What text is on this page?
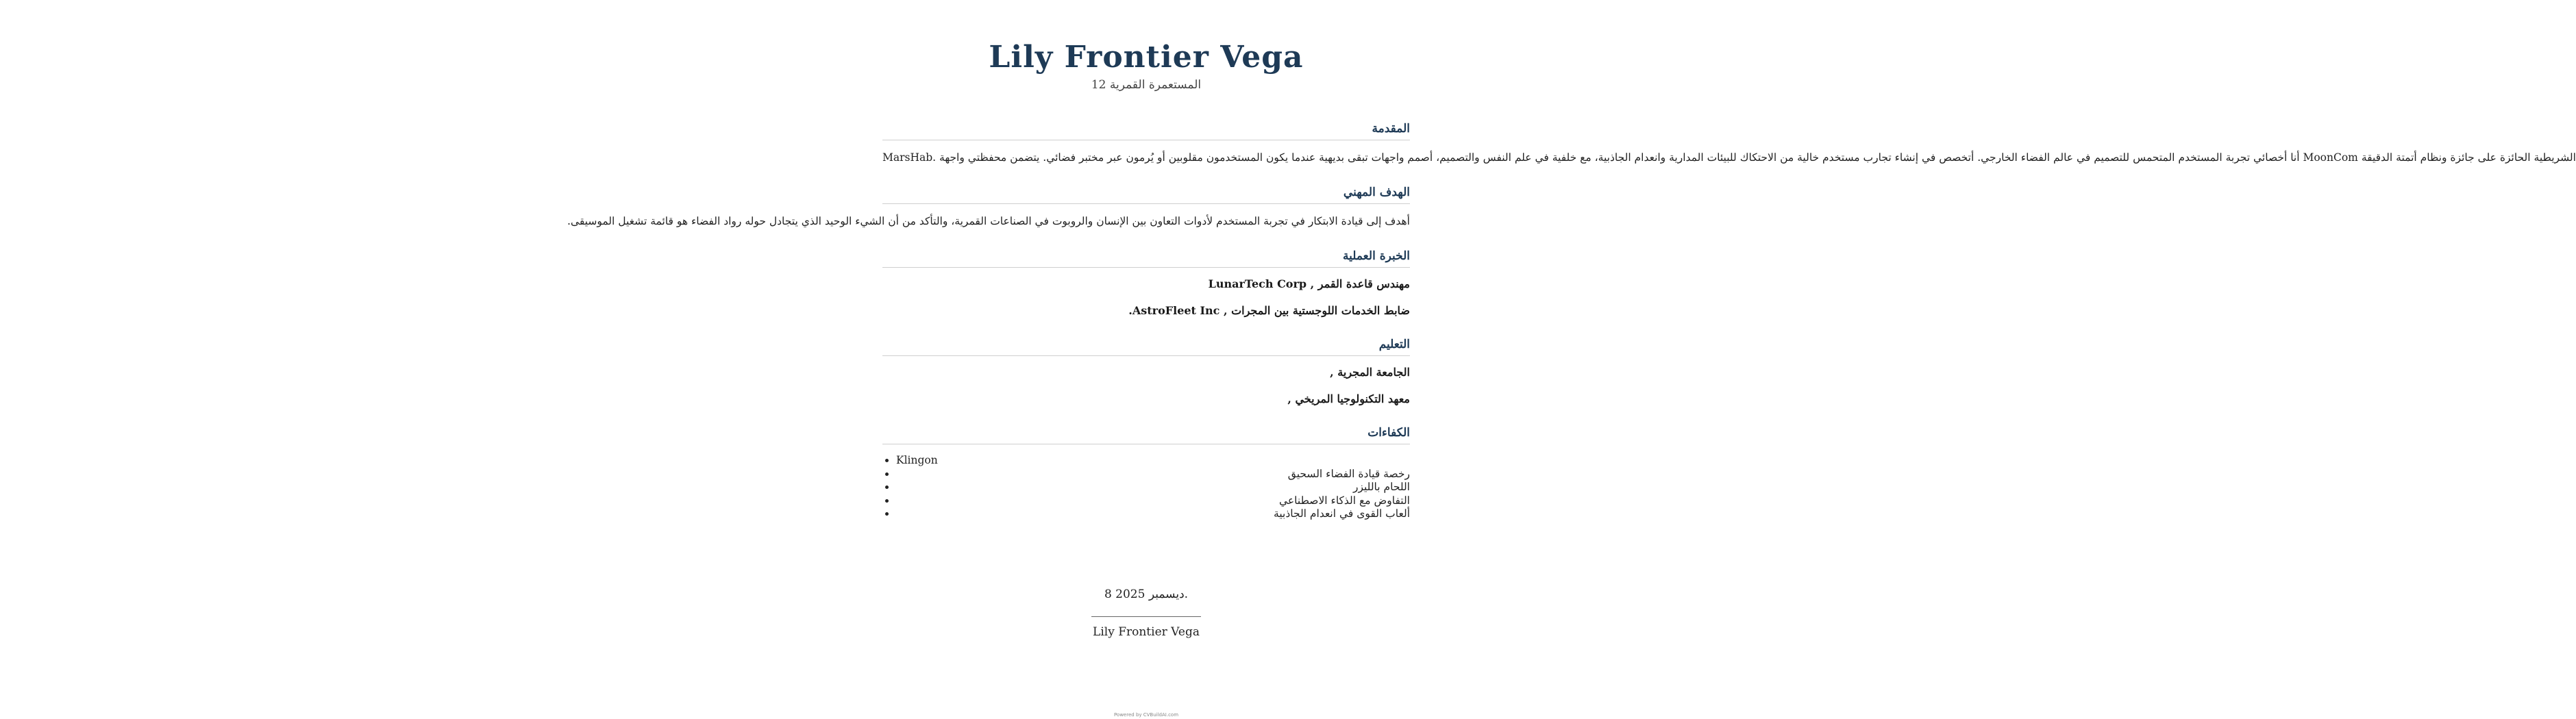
Lily Frontier Vega
المستعمرة القمرية 12
المقدمة
MarsHab. أنا أخصائي تجربة المستخدم المتحمس للتصميم في عالم الفضاء الخارجي. أتخصص في إنشاء تجارب مستخدم خالية من الاحتكاك للبيئات المدارية وانعدام الجاذبية، مع خلفية في علم النفس والتصميم، أصمم واجهات تبقى بديهية عندما يكون المستخدمون مقلوبين أو يُرمون عبر مختبر فضائي. يتضمن محفظتي واجهة MoonCom الشريطية الحائزة على جائزة ونظام أتمتة الدقيقة
الهدف المهني
أهدف إلى قيادة الابتكار في تجربة المستخدم لأدوات التعاون بين الإنسان والروبوت في الصناعات القمرية، والتأكد من أن الشيء الوحيد الذي يتجادل حوله رواد الفضاء هو قائمة تشغيل الموسيقى.
الخبرة العملية
مهندس قاعدة القمر , LunarTech Corp
ضابط الخدمات اللوجستية بين المجرات , AstroFleet Inc.
التعليم
الجامعة المجرية ,
معهد التكنولوجيا المريخي ,
الكفاءات
• Klingon
• رخصة قيادة الفضاء السحيق
• اللحام بالليزر
• التفاوض مع الذكاء الاصطناعي
• ألعاب القوى في انعدام الجاذبية
8 ديسمبر 2025.
Lily Frontier Vega
Powered by CVBuildAI.com
